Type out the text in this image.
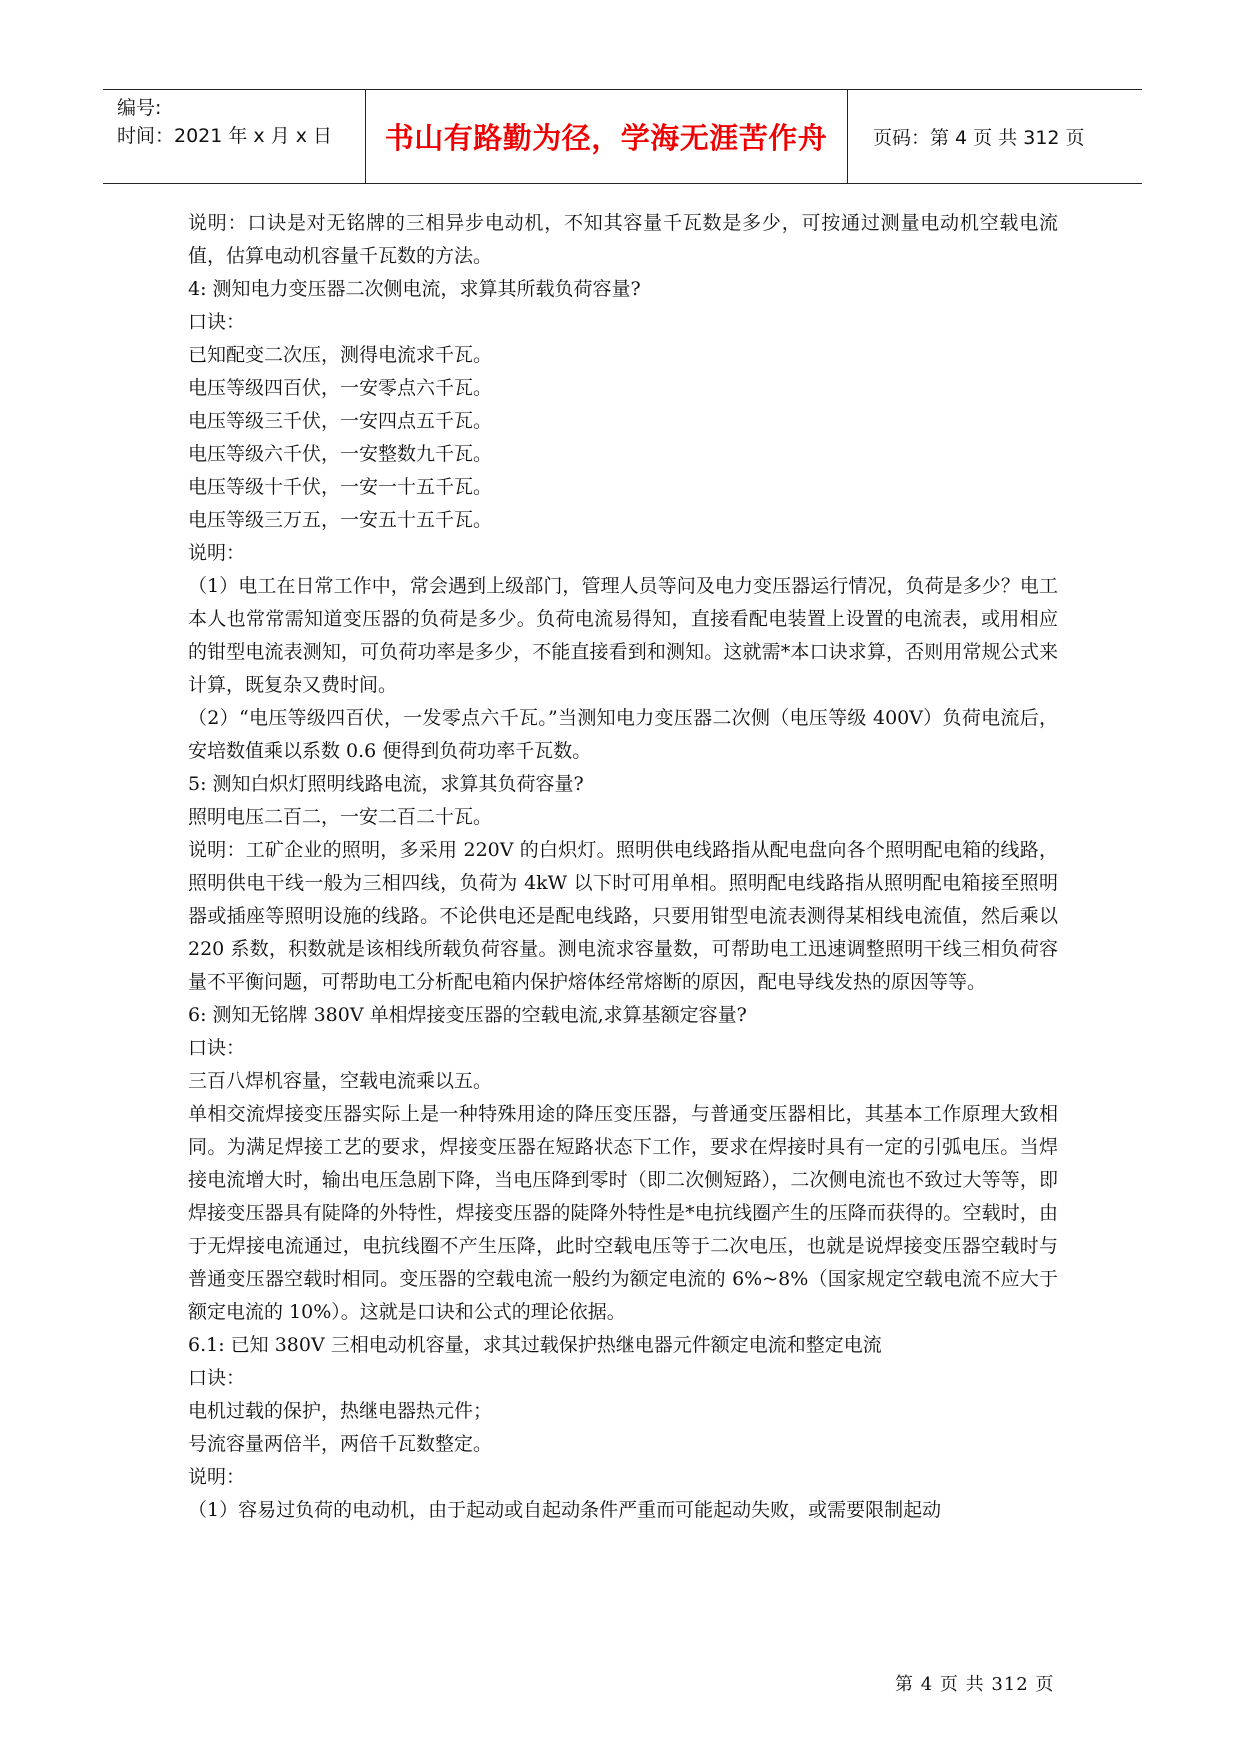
编号:
时间：2021 年 x 月 x 日	书山有路勤为径，学海无涯苦作舟	页码：第 4 页 共 312 页

说明：口诀是对无铭牌的三相异步电动机，不知其容量千瓦数是多少，可按通过测量电动机空载电流值，估算电动机容量千瓦数的方法。

4: 测知电力变压器二次侧电流，求算其所载负荷容量?

口诀：

已知配变二次压，测得电流求千瓦。

电压等级四百伏，一安零点六千瓦。

电压等级三千伏，一安四点五千瓦。

电压等级六千伏，一安整数九千瓦。

电压等级十千伏，一安一十五千瓦。

电压等级三万五，一安五十五千瓦。

说明：

（1）电工在日常工作中，常会遇到上级部门，管理人员等问及电力变压器运行情况，负荷是多少？电工本人也常常需知道变压器的负荷是多少。负荷电流易得知，直接看配电装置上设置的电流表，或用相应的钳型电流表测知，可负荷功率是多少，不能直接看到和测知。这就需*本口诀求算，否则用常规公式来计算，既复杂又费时间。

（2）“电压等级四百伏，一发零点六千瓦。”当测知电力变压器二次侧（电压等级 400V）负荷电流后，安培数值乘以系数 0.6 便得到负荷功率千瓦数。

5: 测知白炽灯照明线路电流，求算其负荷容量?

照明电压二百二，一安二百二十瓦。

说明：工矿企业的照明，多采用 220V 的白炽灯。照明供电线路指从配电盘向各个照明配电箱的线路，照明供电干线一般为三相四线，负荷为 4kW 以下时可用单相。照明配电线路指从照明配电箱接至照明器或插座等照明设施的线路。不论供电还是配电线路，只要用钳型电流表测得某相线电流值，然后乘以 220 系数，积数就是该相线所载负荷容量。测电流求容量数，可帮助电工迅速调整照明干线三相负荷容量不平衡问题，可帮助电工分析配电箱内保护熔体经常熔断的原因，配电导线发热的原因等等。

6: 测知无铭牌 380V 单相焊接变压器的空载电流,求算基额定容量?

口诀：

三百八焊机容量，空载电流乘以五。

单相交流焊接变压器实际上是一种特殊用途的降压变压器，与普通变压器相比，其基本工作原理大致相同。为满足焊接工艺的要求，焊接变压器在短路状态下工作，要求在焊接时具有一定的引弧电压。当焊接电流增大时，输出电压急剧下降，当电压降到零时（即二次侧短路），二次侧电流也不致过大等等，即焊接变压器具有陡降的外特性，焊接变压器的陡降外特性是*电抗线圈产生的压降而获得的。空载时，由于无焊接电流通过，电抗线圈不产生压降，此时空载电压等于二次电压，也就是说焊接变压器空载时与普通变压器空载时相同。变压器的空载电流一般约为额定电流的 6%~8%（国家规定空载电流不应大于额定电流的 10%）。这就是口诀和公式的理论依据。

6.1: 已知 380V 三相电动机容量，求其过载保护热继电器元件额定电流和整定电流

口诀：

电机过载的保护，热继电器热元件；

号流容量两倍半，两倍千瓦数整定。

说明：

（1）容易过负荷的电动机，由于起动或自起动条件严重而可能起动失败，或需要限制起动

第 4 页 共 312 页
